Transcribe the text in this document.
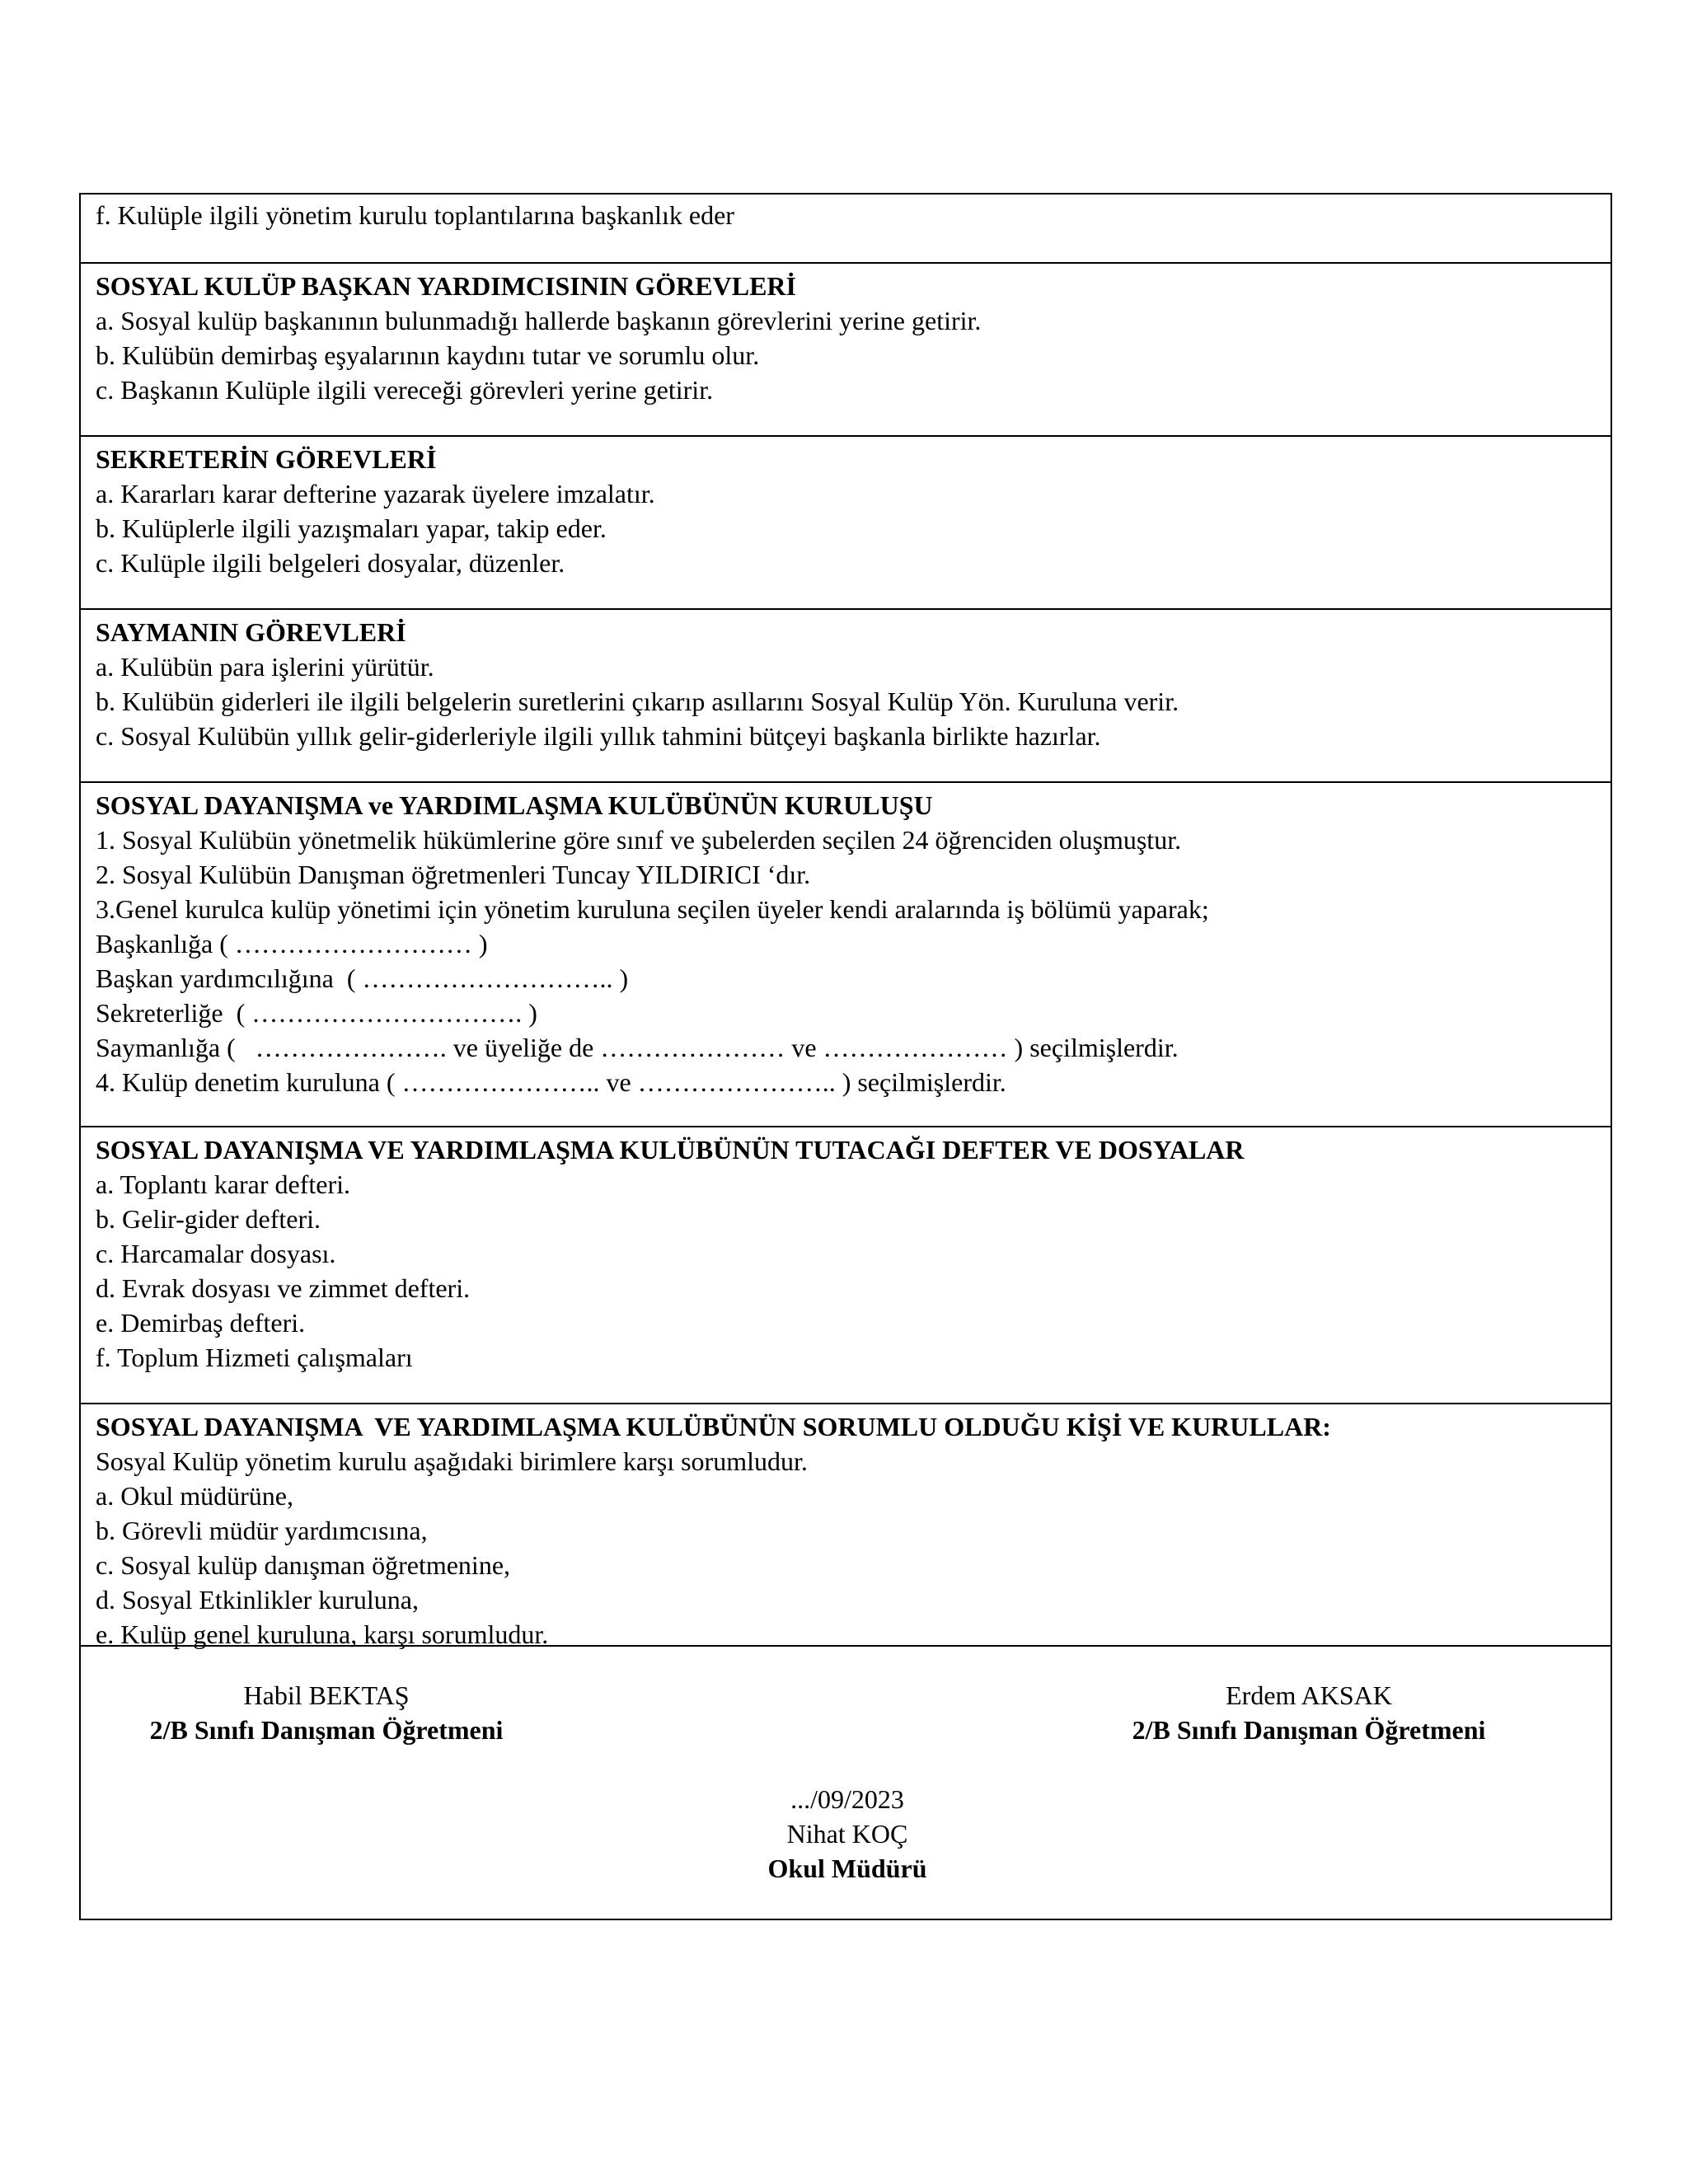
f. Kulüple ilgili yönetim kurulu toplantılarına başkanlık eder
SOSYAL KULÜP BAŞKAN YARDIMCISININ GÖREVLERİ
a. Sosyal kulüp başkanının bulunmadığı hallerde başkanın görevlerini yerine getirir.
b. Kulübün demirbaş eşyalarının kaydını tutar ve sorumlu olur.
c. Başkanın Kulüple ilgili vereceği görevleri yerine getirir.
SEKRETERİN GÖREVLERİ
a. Kararları karar defterine yazarak üyelere imzalatır.
b. Kulüplerle ilgili yazışmaları yapar, takip eder.
c. Kulüple ilgili belgeleri dosyalar, düzenler.
SAYMANIN GÖREVLERİ
a. Kulübün para işlerini yürütür.
b. Kulübün giderleri ile ilgili belgelerin suretlerini çıkarıp asıllarını Sosyal Kulüp Yön. Kuruluna verir.
c. Sosyal Kulübün yıllık gelir-giderleriyle ilgili yıllık tahmini bütçeyi başkanla birlikte hazırlar.
SOSYAL DAYANIŞMA ve YARDIMLAŞMA KULÜBÜNÜN KURULUŞU
1. Sosyal Kulübün yönetmelik hükümlerine göre sınıf ve şubelerden seçilen 24 öğrenciden oluşmuştur.
2. Sosyal Kulübün Danışman öğretmenleri Tuncay YILDIRICI ‘dır.
3.Genel kurulca kulüp yönetimi için yönetim kuruluna seçilen üyeler kendi aralarında iş bölümü yaparak;
Başkanlığa ( ……………………… )
Başkan yardımcılığına  ( ……………………….. )
Sekreterliğe  ( …………………………. )
Saymanlığa (   …………………. ve üyeliğe de ………………… ve ………………… ) seçilmişlerdir.
4. Kulüp denetim kuruluna ( ………………….. ve ………………….. ) seçilmişlerdir.
SOSYAL DAYANIŞMA VE YARDIMLAŞMA KULÜBÜNÜN TUTACAĞI DEFTER VE DOSYALAR
a. Toplantı karar defteri.
b. Gelir-gider defteri.
c. Harcamalar dosyası.
d. Evrak dosyası ve zimmet defteri.
e. Demirbaş defteri.
f. Toplum Hizmeti çalışmaları
SOSYAL DAYANIŞMA  VE YARDIMLAŞMA KULÜBÜNÜN SORUMLU OLDUĞU KİŞİ VE KURULLAR:
Sosyal Kulüp yönetim kurulu aşağıdaki birimlere karşı sorumludur.
a. Okul müdürüne,
b. Görevli müdür yardımcısına,
c. Sosyal kulüp danışman öğretmenine,
d. Sosyal Etkinlikler kuruluna,
e. Kulüp genel kuruluna, karşı sorumludur.
Habil BEKTAŞ
2/B Sınıfı Danışman Öğretmeni
Erdem AKSAK
2/B Sınıfı Danışman Öğretmeni
.../09/2023
Nihat KOÇ
Okul Müdürü
